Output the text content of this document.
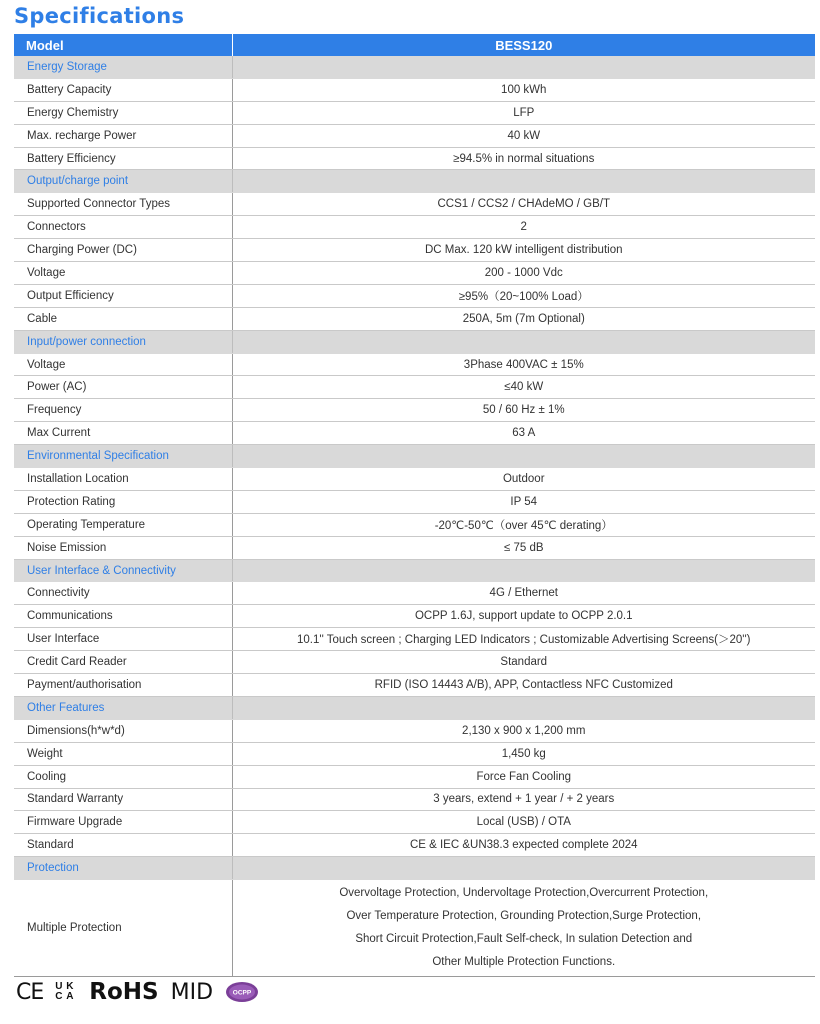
Specifications
Model	BESS120
Energy Storage	
Battery Capacity	100 kWh
Energy Chemistry	LFP
Max. recharge Power	40 kW
Battery Efficiency	≥94.5% in normal situations
Output/charge point	
Supported Connector Types	CCS1 / CCS2 / CHAdeMO / GB/T
Connectors	2
Charging Power (DC)	DC Max. 120 kW intelligent distribution
Voltage	200 - 1000 Vdc
Output Efficiency	≥95%（20~100% Load）
Cable	250A, 5m (7m Optional)
Input/power connection	
Voltage	3Phase 400VAC ± 15%
Power (AC)	≤40 kW
Frequency	50 / 60 Hz ± 1%
Max Current	63 A
Environmental Specification	
Installation Location	Outdoor
Protection Rating	IP 54
Operating Temperature	-20℃-50℃（over 45℃ derating）
Noise Emission	≤ 75 dB
User Interface & Connectivity	
Connectivity	4G / Ethernet
Communications	OCPP 1.6J, support update to OCPP 2.0.1
User Interface	10.1'' Touch screen ; Charging LED Indicators ; Customizable Advertising Screens(＞20'')
Credit Card Reader	Standard
Payment/authorisation	RFID (ISO 14443 A/B), APP, Contactless NFC Customized
Other Features	
Dimensions(h*w*d)	2,130 x 900 x 1,200 mm
Weight	1,450 kg
Cooling	Force Fan Cooling
Standard Warranty	3 years, extend + 1 year / + 2 years
Firmware Upgrade	Local (USB) / OTA
Standard	CE & IEC &UN38.3 expected complete 2024
Protection	
Multiple Protection	Overvoltage Protection, Undervoltage Protection,Overcurrent Protection,
Over Temperature Protection, Grounding Protection,Surge Protection,
Short Circuit Protection,Fault Self-check, In sulation Detection and
Other Multiple Protection Functions.
CE U K
C A RoHS MID	OCPP
